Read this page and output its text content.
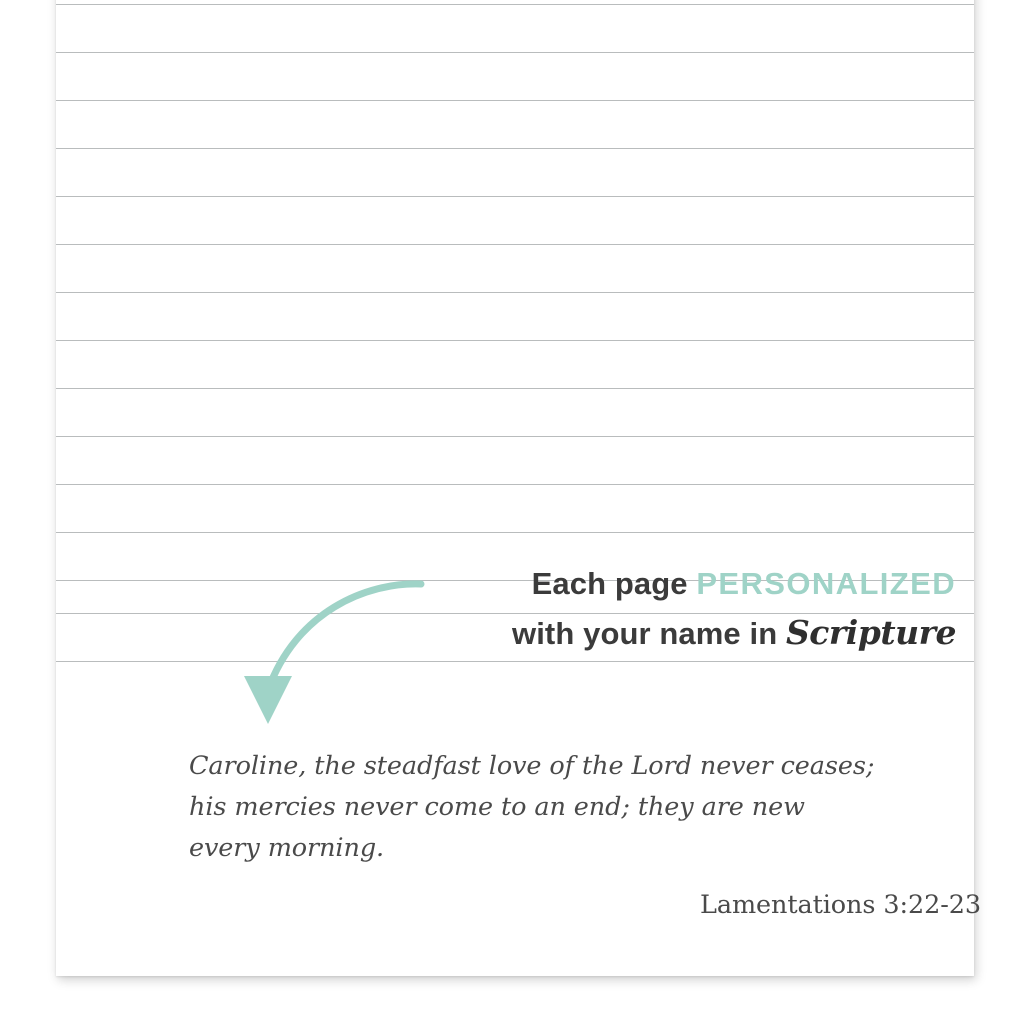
Each page PERSONALIZED
with your name in Scripture
Caroline, the steadfast love of the Lord never ceases;
his mercies never come to an end; they are new
every morning.
Lamentations 3:22-23
